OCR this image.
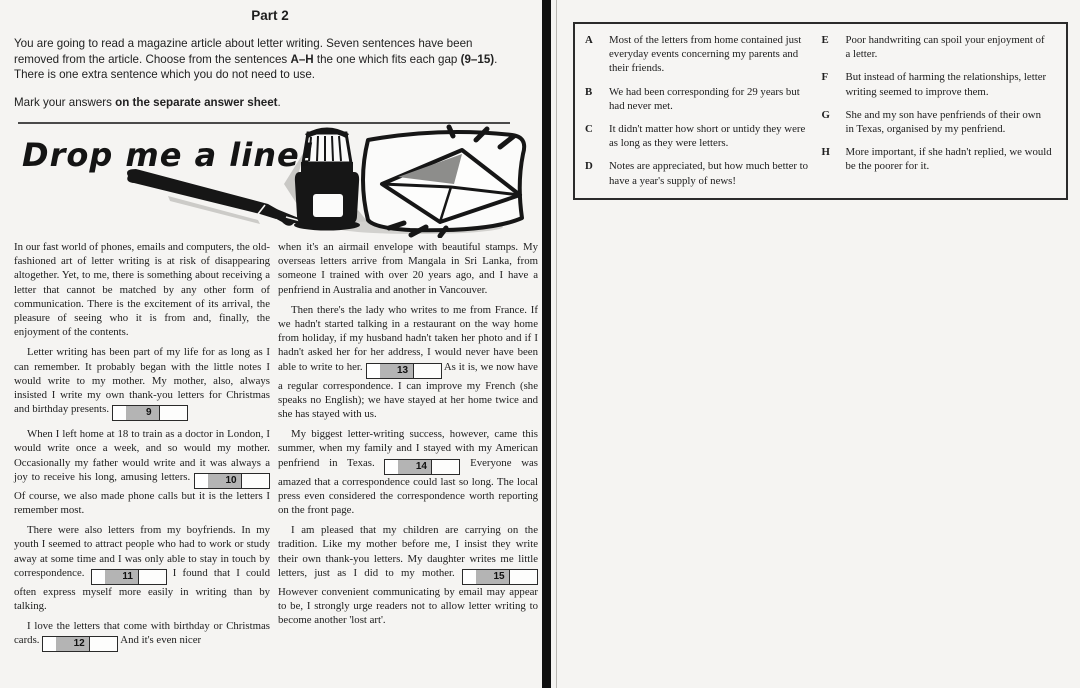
Part 2

You are going to read a magazine article about letter writing. Seven sentences have been removed from the article. Choose from the sentences A–H the one which fits each gap (9–15). There is one extra sentence which you do not need to use.

Mark your answers on the separate answer sheet.

Drop me a line!

In our fast world of phones, emails and computers, the old-fashioned art of letter writing is at risk of disappearing altogether. Yet, to me, there is something about receiving a letter that cannot be matched by any other form of communication. There is the excitement of its arrival, the pleasure of seeing who it is from and, finally, the enjoyment of the contents.

Letter writing has been part of my life for as long as I can remember. It probably began with the little notes I would write to my mother. My mother, also, always insisted I write my own thank-you letters for Christmas and birthday presents.	9

When I left home at 18 to train as a doctor in London, I would write once a week, and so would my mother. Occasionally my father would write and it was always a joy to receive his long, amusing letters.	10 Of course, we also made phone calls but it is the letters I remember most.

There were also letters from my boyfriends. In my youth I seemed to attract people who had to work or study away at some time and I was only able to stay in touch by correspondence.	11	I found that I could often express myself more easily in writing than by talking.

I love the letters that come with birthday or Christmas cards.	12	And it's even nicer

when it's an airmail envelope with beautiful stamps. My overseas letters arrive from Mangala in Sri Lanka, from someone I trained with over 20 years ago, and I have a penfriend in Australia and another in Vancouver.

Then there's the lady who writes to me from France. If we hadn't started talking in a restaurant on the way home from holiday, if my husband hadn't taken her photo and if I hadn't asked her for her address, I would never have been able to write to her.	13	As it is, we now have a regular correspondence. I can improve my French (she speaks no English); we have stayed at her home twice and she has stayed with us.

My biggest letter-writing success, however, came this summer, when my family and I stayed with my American penfriend in Texas.	14	Everyone was amazed that a correspondence could last so long. The local press even considered the correspondence worth reporting on the front page.

I am pleased that my children are carrying on the tradition. Like my mother before me, I insist they write their own thank-you letters. My daughter writes me little letters, just as I did to my mother.	15 However convenient communicating by email may appear to be, I strongly urge readers not to allow letter writing to become another 'lost art'.

A	Most of the letters from home contained just everyday events concerning my parents and their friends.
B	We had been corresponding for 29 years but had never met.
C	It didn't matter how short or untidy they were as long as they were letters.
D	Notes are appreciated, but how much better to have a year's supply of news!
E	Poor handwriting can spoil your enjoyment of a letter.
F	But instead of harming the relationships, letter writing seemed to improve them.
G	She and my son have penfriends of their own in Texas, organised by my penfriend.
H	More important, if she hadn't replied, we would be the poorer for it.
